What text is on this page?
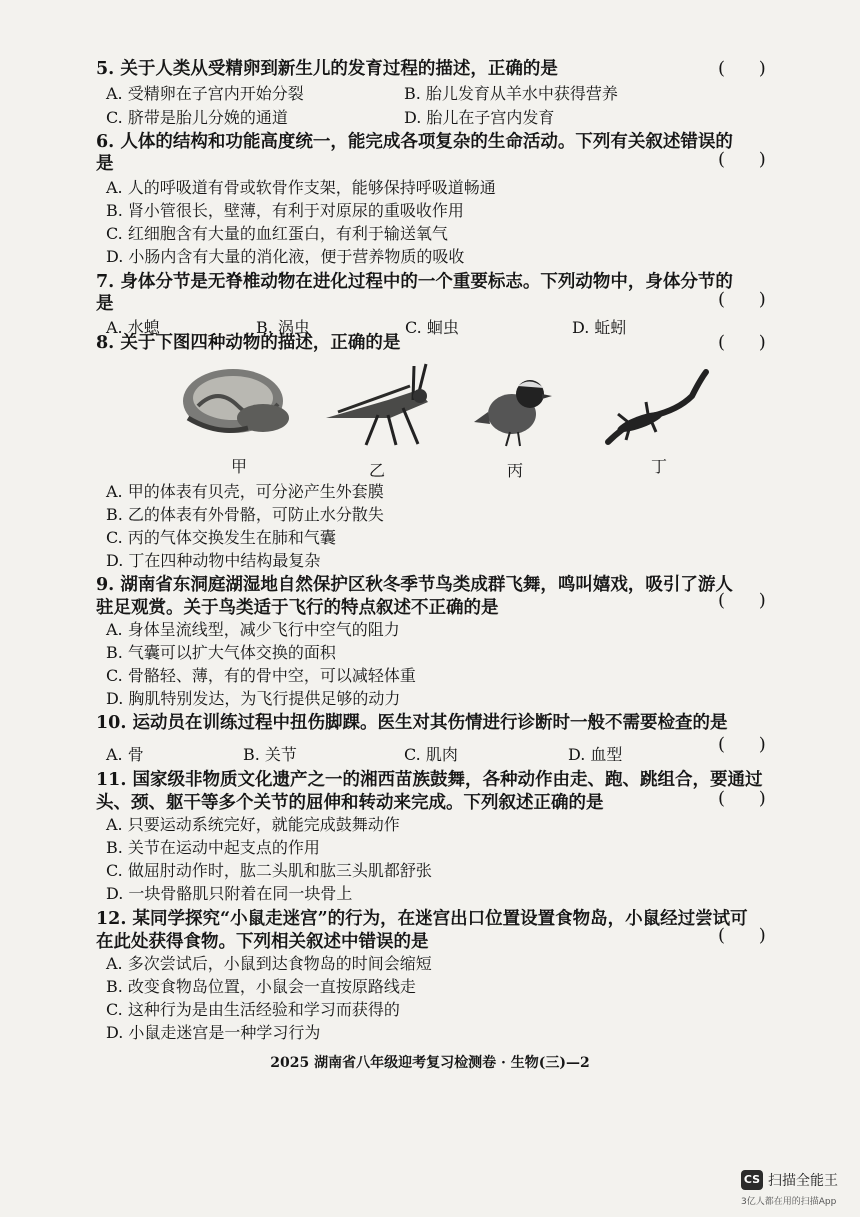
5. 关于人类从受精卵到新生儿的发育过程的描述，正确的是	( )
A. 受精卵在子宫内开始分裂	B. 胎儿发育从羊水中获得营养
C. 脐带是胎儿分娩的通道	D. 胎儿在子宫内发育
6. 人体的结构和功能高度统一，能完成各项复杂的生命活动。下列有关叙述错误的
是	( )
A. 人的呼吸道有骨或软骨作支架，能够保持呼吸道畅通
B. 肾小管很长，壁薄，有利于对原尿的重吸收作用
C. 红细胞含有大量的血红蛋白，有利于输送氧气
D. 小肠内含有大量的消化液，便于营养物质的吸收
7. 身体分节是无脊椎动物在进化过程中的一个重要标志。下列动物中，身体分节的
是	( )
A. 水螅	B. 涡虫	C. 蛔虫	D. 蚯蚓
8. 关于下图四种动物的描述，正确的是	( )
甲	乙	丙	丁
A. 甲的体表有贝壳，可分泌产生外套膜
B. 乙的体表有外骨骼，可防止水分散失
C. 丙的气体交换发生在肺和气囊
D. 丁在四种动物中结构最复杂
9. 湖南省东洞庭湖湿地自然保护区秋冬季节鸟类成群飞舞，鸣叫嬉戏，吸引了游人
驻足观赏。关于鸟类适于飞行的特点叙述不正确的是	( )
A. 身体呈流线型，减少飞行中空气的阻力
B. 气囊可以扩大气体交换的面积
C. 骨骼轻、薄，有的骨中空，可以减轻体重
D. 胸肌特别发达，为飞行提供足够的动力
10. 运动员在训练过程中扭伤脚踝。医生对其伤情进行诊断时一般不需要检查的是
( )
A. 骨	B. 关节	C. 肌肉	D. 血型
11. 国家级非物质文化遗产之一的湘西苗族鼓舞，各种动作由走、跑、跳组合，要通过
头、颈、躯干等多个关节的屈伸和转动来完成。下列叙述正确的是	( )
A. 只要运动系统完好，就能完成鼓舞动作
B. 关节在运动中起支点的作用
C. 做屈肘动作时，肱二头肌和肱三头肌都舒张
D. 一块骨骼肌只附着在同一块骨上
12. 某同学探究“小鼠走迷宫”的行为，在迷宫出口位置设置食物岛，小鼠经过尝试可
在此处获得食物。下列相关叙述中错误的是	( )
A. 多次尝试后，小鼠到达食物岛的时间会缩短
B. 改变食物岛位置，小鼠会一直按原路线走
C. 这种行为是由生活经验和学习而获得的
D. 小鼠走迷宫是一种学习行为
2025 湖南省八年级迎考复习检测卷 · 生物(三)—2
CS 扫描全能王
3亿人都在用的扫描App
